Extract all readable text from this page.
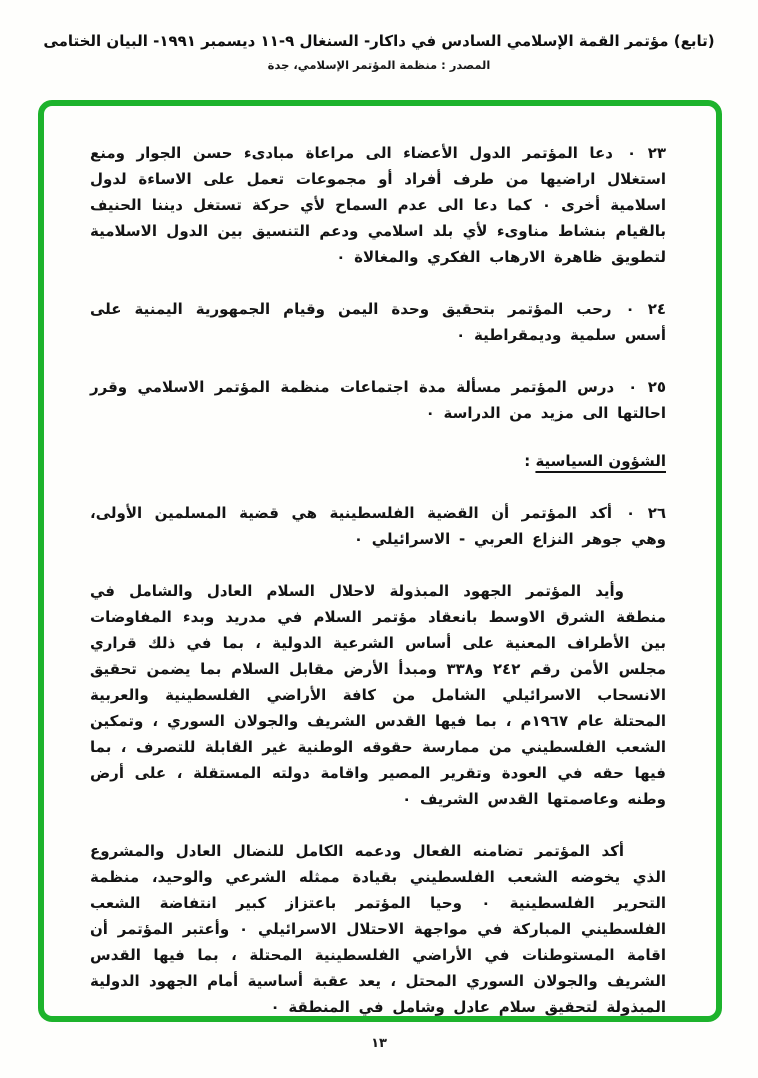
(تابع) مؤتمر القمة الإسلامي السادس في داكار- السنغال ٩-١١ ديسمبر ١٩٩١- البيان الختامى
المصدر : منظمة المؤتمر الإسلامي، جدة

٢٣ ٠دعا المؤتمر الدول الأعضاء الى مراعاة مبادىء حسن الجوار ومنع استغلال اراضيها من طرف أفراد أو مجموعات تعمل على الاساءة لدول اسلامية أخرى ٠ كما دعا الى عدم السماح لأي حركة تستغل ديننا الحنيف بالقيام بنشاط مناوىء لأي بلد اسلامي ودعم التنسيق بين الدول الاسلامية لتطويق ظاهرة الارهاب الفكري والمغالاة ٠

٢٤ ٠رحب المؤتمر بتحقيق وحدة اليمن وقيام الجمهورية اليمنية على أسس سلمية وديمقراطية ٠

٢٥ ٠درس المؤتمر مسألة مدة اجتماعات منظمة المؤتمر الاسلامي وقرر احالتها الى مزيد من الدراسة ٠

الشؤون السياسية :

٢٦ ٠أكد المؤتمر أن القضية الفلسطينية هي قضية المسلمين الأولى، وهي جوهر النزاع العربي - الاسرائيلي ٠

وأيد المؤتمر الجهود المبذولة لاحلال السلام العادل والشامل في منطقة الشرق الاوسط بانعقاد مؤتمر السلام في مدريد وبدء المفاوضات بين الأطراف المعنية على أساس الشرعية الدولية ، بما في ذلك قراري مجلس الأمن رقم ٢٤٢ و٣٣٨ ومبدأ الأرض مقابل السلام بما يضمن تحقيق الانسحاب الاسرائيلي الشامل من كافة الأراضي الفلسطينية والعربية المحتلة عام ١٩٦٧م ، بما فيها القدس الشريف والجولان السوري ، وتمكين الشعب الفلسطيني من ممارسة حقوقه الوطنية غير القابلة للتصرف ، بما فيها حقه في العودة وتقرير المصير واقامة دولته المستقلة ، على أرض وطنه وعاصمتها القدس الشريف ٠

أكد المؤتمر تضامنه الفعال ودعمه الكامل للنضال العادل والمشروع الذي يخوضه الشعب الفلسطيني بقيادة ممثله الشرعي والوحيد، منظمة التحرير الفلسطينية ٠ وحيا المؤتمر باعتزاز كبير انتفاضة الشعب الفلسطيني المباركة في مواجهة الاحتلال الاسرائيلي ٠ وأعتبر المؤتمر أن اقامة المستوطنات في الأراضي الفلسطينية المحتلة ، بما فيها القدس الشريف والجولان السوري المحتل ، يعد عقبة أساسية أمام الجهود الدولية المبذولة لتحقيق سلام عادل وشامل في المنطقة ٠

١٣
